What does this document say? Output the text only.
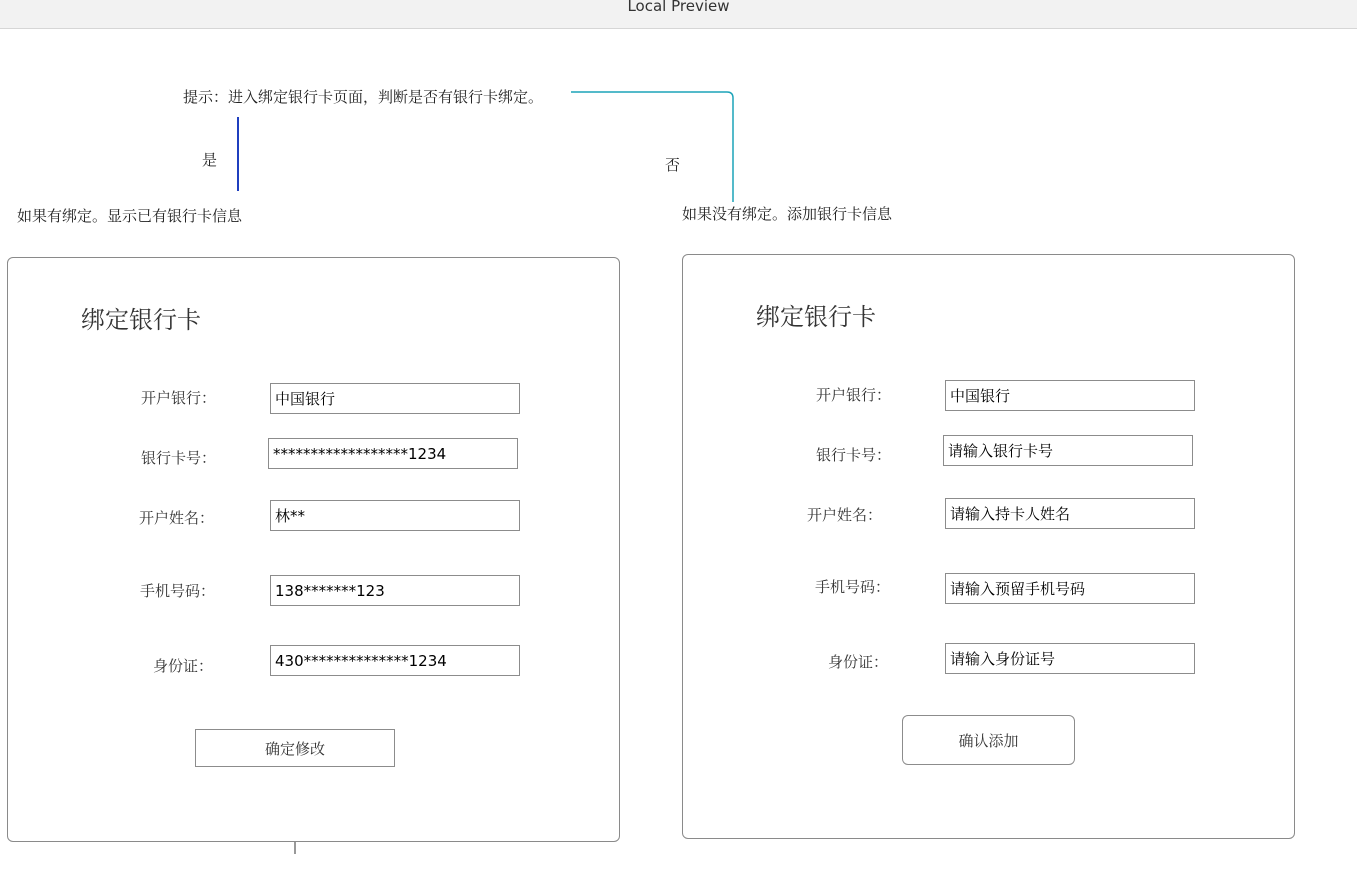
Local Preview
提示：进入绑定银行卡页面，判断是否有银行卡绑定。
是	否
如果有绑定。显示已有银行卡信息	如果没有绑定。添加银行卡信息
绑定银行卡
开户银行：
中国银行
银行卡号：
******************1234
开户姓名：
林**
手机号码：
138*******123
身份证：
430**************1234
确定修改
绑定银行卡
开户银行：
中国银行
银行卡号：
请输入银行卡号
开户姓名：
请输入持卡人姓名
手机号码：
请输入预留手机号码
身份证：
请输入身份证号
确认添加
